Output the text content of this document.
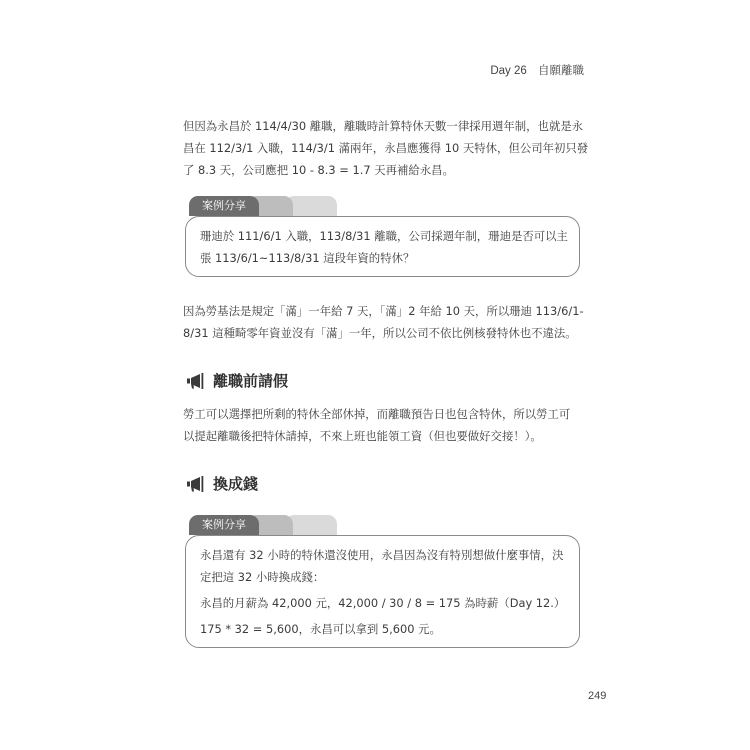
Day 26 自願離職

但因為永昌於 114/4/30 離職，離職時計算特休天數一律採用週年制，也就是永
昌在 112/3/1 入職，114/3/1 滿兩年，永昌應獲得 10 天特休，但公司年初只發
了 8.3 天，公司應把 10 - 8.3 = 1.7 天再補給永昌。

案例分享
珊迪於 111/6/1 入職，113/8/31 離職，公司採週年制，珊迪是否可以主
張 113/6/1~113/8/31 這段年資的特休？

因為勞基法是規定「滿」一年給 7 天，「滿」2 年給 10 天，所以珊迪 113/6/1-
8/31 這種畸零年資並沒有「滿」一年，所以公司不依比例核發特休也不違法。

離職前請假

勞工可以選擇把所剩的特休全部休掉，而離職預告日也包含特休，所以勞工可
以提起離職後把特休請掉，不來上班也能領工資（但也要做好交接！）。

換成錢
案例分享
永昌還有 32 小時的特休還沒使用，永昌因為沒有特別想做什麼事情，決
定把這 32 小時換成錢：
永昌的月薪為 42,000 元，42,000 / 30 / 8 = 175 為時薪（Day 12.）
175 * 32 = 5,600，永昌可以拿到 5,600 元。
249
